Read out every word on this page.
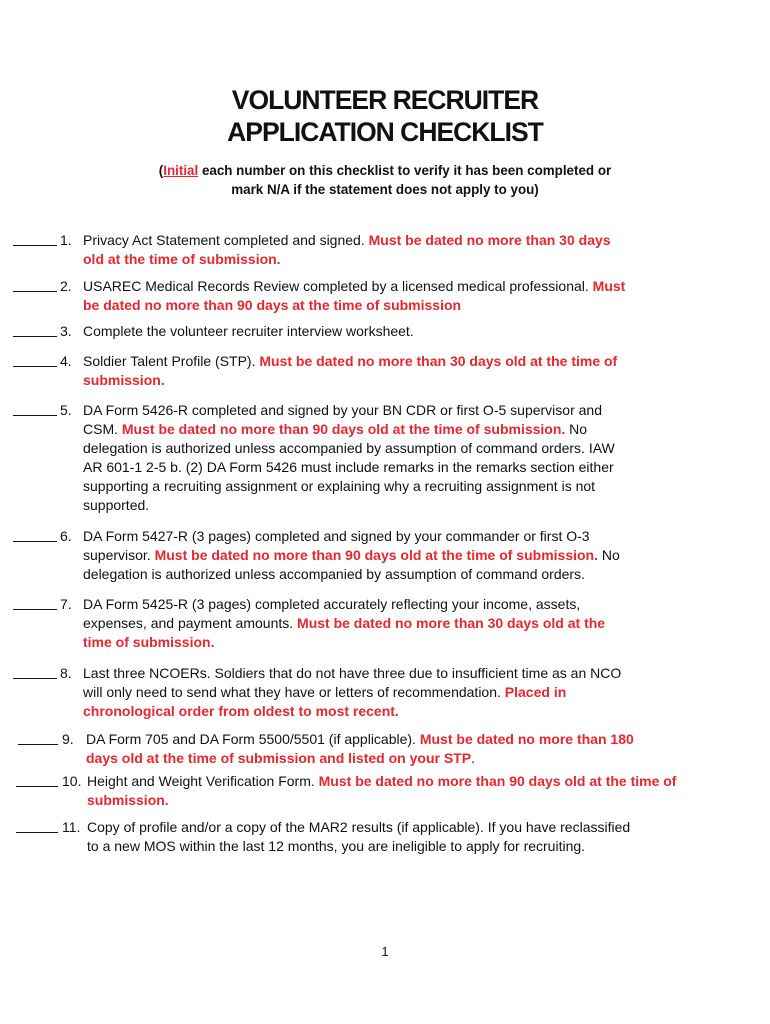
VOLUNTEER RECRUITER
APPLICATION CHECKLIST
(Initial each number on this checklist to verify it has been completed or
mark N/A if the statement does not apply to you)
1. Privacy Act Statement completed and signed. Must be dated no more than 30 days
old at the time of submission.
2. USAREC Medical Records Review completed by a licensed medical professional. Must
be dated no more than 90 days at the time of submission
3. Complete the volunteer recruiter interview worksheet.
4. Soldier Talent Profile (STP). Must be dated no more than 30 days old at the time of
submission.
5. DA Form 5426-R completed and signed by your BN CDR or first O-5 supervisor and
CSM. Must be dated no more than 90 days old at the time of submission. No
delegation is authorized unless accompanied by assumption of command orders. IAW
AR 601-1 2-5 b. (2) DA Form 5426 must include remarks in the remarks section either
supporting a recruiting assignment or explaining why a recruiting assignment is not
supported.
6. DA Form 5427-R (3 pages) completed and signed by your commander or first O-3
supervisor. Must be dated no more than 90 days old at the time of submission. No
delegation is authorized unless accompanied by assumption of command orders.
7. DA Form 5425-R (3 pages) completed accurately reflecting your income, assets,
expenses, and payment amounts. Must be dated no more than 30 days old at the
time of submission.
8. Last three NCOERs. Soldiers that do not have three due to insufficient time as an NCO
will only need to send what they have or letters of recommendation. Placed in
chronological order from oldest to most recent.
9. DA Form 705 and DA Form 5500/5501 (if applicable). Must be dated no more than 180
days old at the time of submission and listed on your STP.
10. Height and Weight Verification Form. Must be dated no more than 90 days old at the time of
submission.
11. Copy of profile and/or a copy of the MAR2 results (if applicable). If you have reclassified
to a new MOS within the last 12 months, you are ineligible to apply for recruiting.
1
